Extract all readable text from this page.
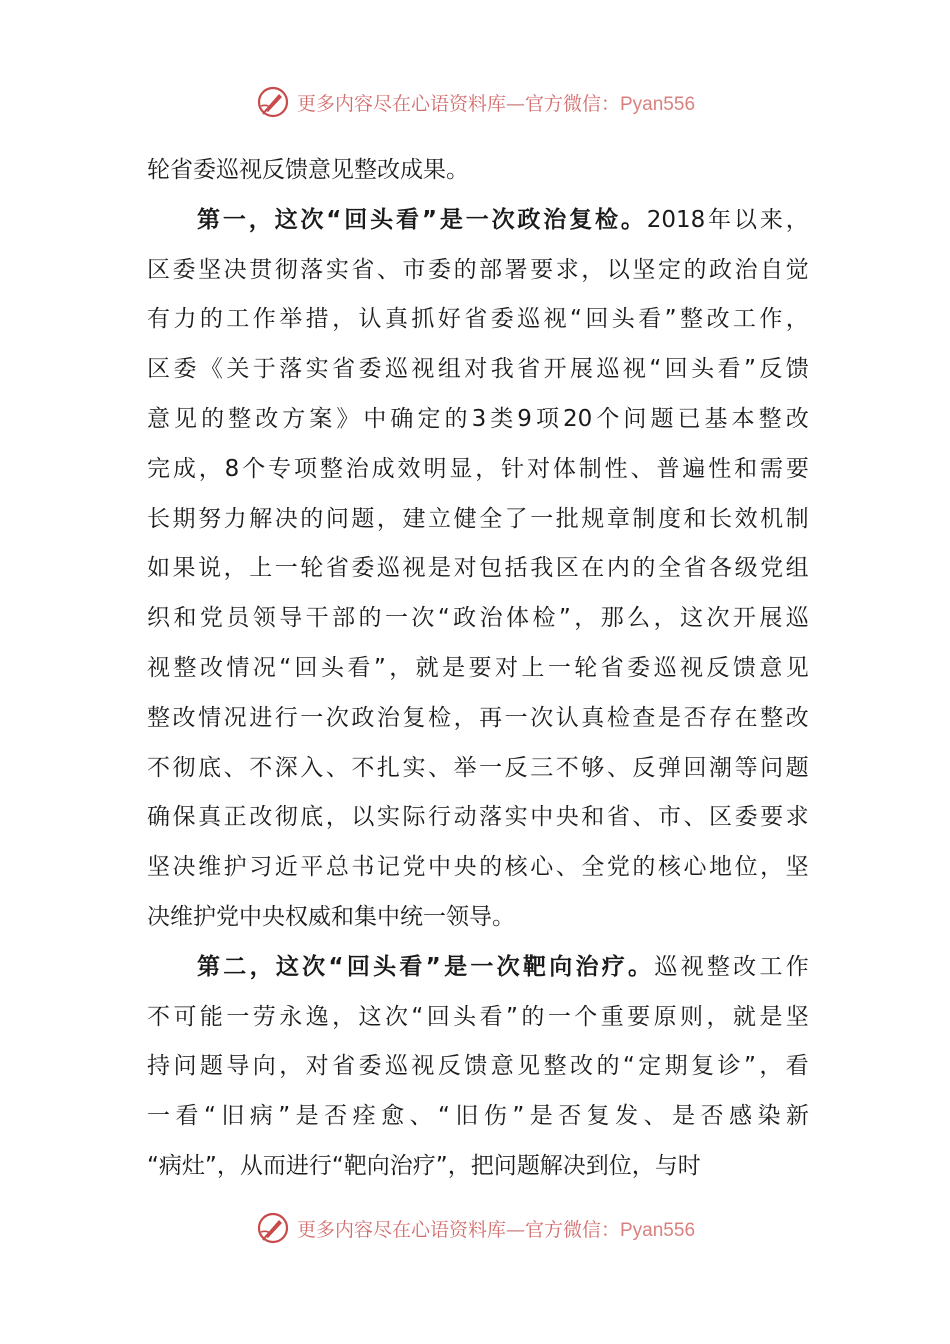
更多内容尽在心语资料库—官方微信：Pyan556
轮 省 委 巡 视 反 馈 意 见 整 改 成 果 。
第 一 ， 这 次 “ 回 头 看 ” 是 一 次 政 治 复 检 。 2018 年 以 来 ，
区 委 坚 决 贯 彻 落 实 省 、 市 委 的 部 署 要 求 ， 以 坚 定 的 政 治 自 觉
有 力 的 工 作 举 措 ， 认 真 抓 好 省 委 巡 视 “ 回 头 看 ” 整 改 工 作 ，
区 委 《 关 于 落 实 省 委 巡 视 组 对 我 省 开 展 巡 视 “ 回 头 看 ” 反 馈
意 见 的 整 改 方 案 》 中 确 定 的 3 类 9 项 20 个 问 题 已 基 本 整 改
完 成 ， 8 个 专 项 整 治 成 效 明 显 ， 针 对 体 制 性 、 普 遍 性 和 需 要
长 期 努 力 解 决 的 问 题 ， 建 立 健 全 了 一 批 规 章 制 度 和 长 效 机 制
如 果 说 ， 上 一 轮 省 委 巡 视 是 对 包 括 我 区 在 内 的 全 省 各 级 党 组
织 和 党 员 领 导 干 部 的 一 次 “ 政 治 体 检 ” ， 那 么 ， 这 次 开 展 巡
视 整 改 情 况 “ 回 头 看 ” ， 就 是 要 对 上 一 轮 省 委 巡 视 反 馈 意 见
整 改 情 况 进 行 一 次 政 治 复 检 ， 再 一 次 认 真 检 查 是 否 存 在 整 改
不 彻 底 、 不 深 入 、 不 扎 实 、 举 一 反 三 不 够 、 反 弹 回 潮 等 问 题
确 保 真 正 改 彻 底 ， 以 实 际 行 动 落 实 中 央 和 省 、 市 、 区 委 要 求
坚 决 维 护 习 近 平 总 书 记 党 中 央 的 核 心 、 全 党 的 核 心 地 位 ， 坚
决 维 护 党 中 央 权 威 和 集 中 统 一 领 导 。
第 二 ， 这 次 “ 回 头 看 ” 是 一 次 靶 向 治 疗 。 巡 视 整 改 工 作
不 可 能 一 劳 永 逸 ， 这 次 “ 回 头 看 ” 的 一 个 重 要 原 则 ， 就 是 坚
持 问 题 导 向 ， 对 省 委 巡 视 反 馈 意 见 整 改 的 “ 定 期 复 诊 ” ， 看
一 看 “ 旧 病 ” 是 否 痊 愈 、 “ 旧 伤 ” 是 否 复 发 、 是 否 感 染 新
“ 病 灶 ” ， 从 而 进 行 “ 靶 向 治 疗 ” ， 把 问 题 解 决 到 位 ， 与 时
更多内容尽在心语资料库—官方微信：Pyan556
